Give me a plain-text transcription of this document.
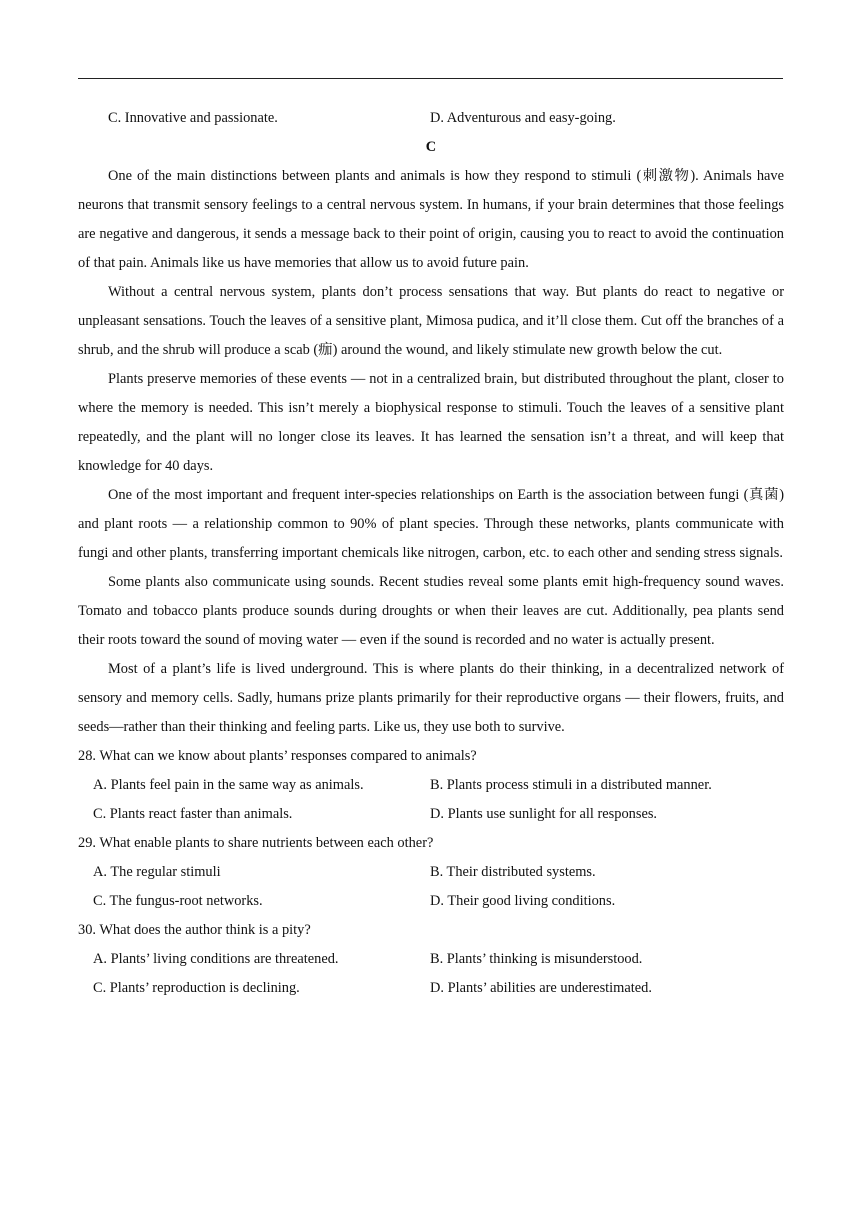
C. Innovative and passionate.	D. Adventurous and easy-going.
C

One of the main distinctions between plants and animals is how they respond to stimuli (刺激物). Animals have neurons that transmit sensory feelings to a central nervous system. In humans, if your brain determines that those feelings are negative and dangerous, it sends a message back to their point of origin, causing you to react to avoid the continuation of that pain. Animals like us have memories that allow us to avoid future pain.

Without a central nervous system, plants don’t process sensations that way. But plants do react to negative or unpleasant sensations. Touch the leaves of a sensitive plant, Mimosa pudica, and it’ll close them. Cut off the branches of a shrub, and the shrub will produce a scab (痂) around the wound, and likely stimulate new growth below the cut.

Plants preserve memories of these events — not in a centralized brain, but distributed throughout the plant, closer to where the memory is needed. This isn’t merely a biophysical response to stimuli. Touch the leaves of a sensitive plant repeatedly, and the plant will no longer close its leaves. It has learned the sensation isn’t a threat, and will keep that knowledge for 40 days.

One of the most important and frequent inter-species relationships on Earth is the association between fungi (真菌) and plant roots — a relationship common to 90% of plant species. Through these networks, plants communicate with fungi and other plants, transferring important chemicals like nitrogen, carbon, etc. to each other and sending stress signals.

Some plants also communicate using sounds. Recent studies reveal some plants emit high-frequency sound waves. Tomato and tobacco plants produce sounds during droughts or when their leaves are cut. Additionally, pea plants send their roots toward the sound of moving water — even if the sound is recorded and no water is actually present.

Most of a plant’s life is lived underground. This is where plants do their thinking, in a decentralized network of sensory and memory cells. Sadly, humans prize plants primarily for their reproductive organs — their flowers, fruits, and seeds—rather than their thinking and feeling parts. Like us, they use both to survive.

28. What can we know about plants’ responses compared to animals?
A. Plants feel pain in the same way as animals.	B. Plants process stimuli in a distributed manner.
C. Plants react faster than animals.	D. Plants use sunlight for all responses.
29. What enable plants to share nutrients between each other?
A. The regular stimuli	B. Their distributed systems.
C. The fungus-root networks.	D. Their good living conditions.
30. What does the author think is a pity?
A. Plants’ living conditions are threatened.	B. Plants’ thinking is misunderstood.
C. Plants’ reproduction is declining.	D. Plants’ abilities are underestimated.
